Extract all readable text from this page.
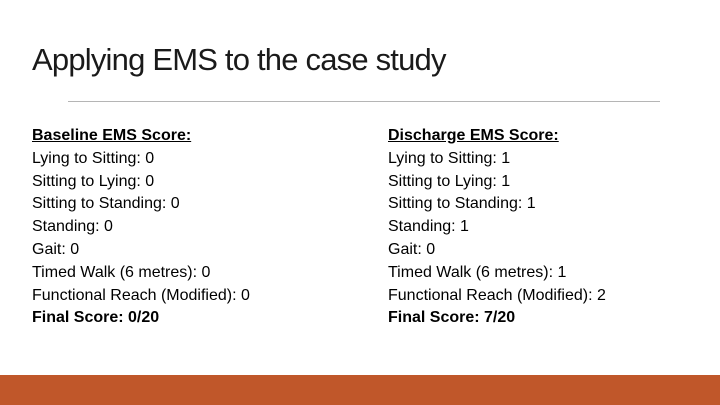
Applying EMS to the case study
Baseline EMS Score:
Lying to Sitting: 0
Sitting to Lying: 0
Sitting to Standing: 0
Standing: 0
Gait: 0
Timed Walk (6 metres): 0
Functional Reach (Modified): 0
Final Score: 0/20
Discharge EMS Score:
Lying to Sitting: 1
Sitting to Lying: 1
Sitting to Standing: 1
Standing: 1
Gait: 0
Timed Walk (6 metres): 1
Functional Reach (Modified): 2
Final Score: 7/20
